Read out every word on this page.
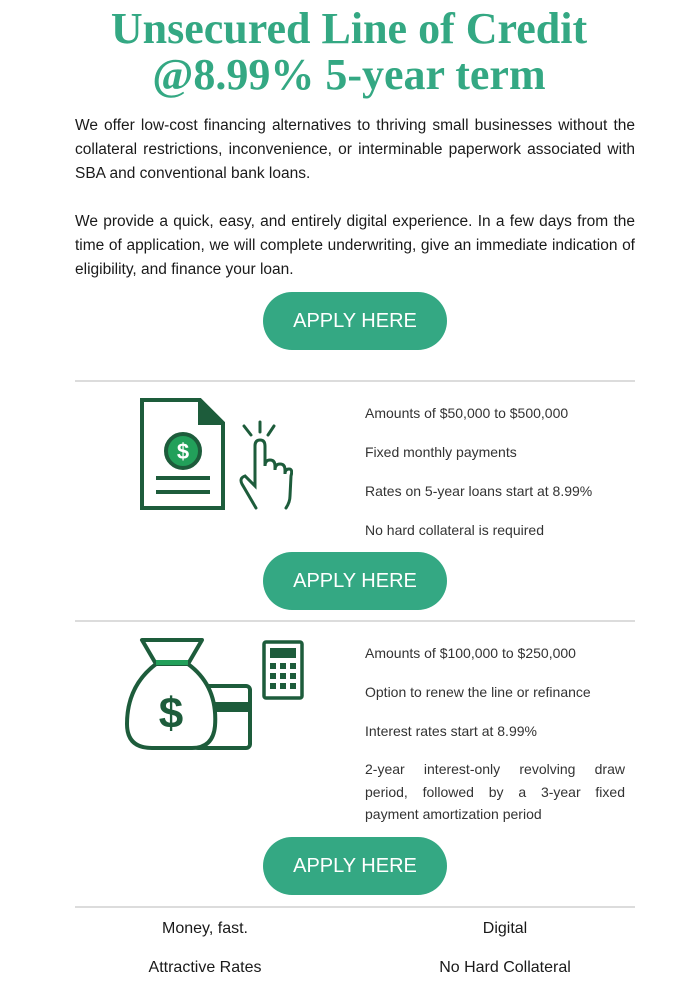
Unsecured Line of Credit
@8.99% 5-year term

We offer low-cost financing alternatives to thriving small businesses without the collateral restrictions, inconvenience, or interminable paperwork associated with SBA and conventional bank loans.

We provide a quick, easy, and entirely digital experience. In a few days from the time of application, we will complete underwriting, give an immediate indication of eligibility, and finance your loan.

APPLY HERE
$

Amounts of $50,000 to $500,000

Fixed monthly payments

Rates on 5-year loans start at 8.99%

No hard collateral is required

APPLY HERE
$

Amounts of $100,000 to $250,000

Option to renew the line or refinance

Interest rates start at 8.99%

2-year interest-only revolving draw period, followed by a 3-year fixed payment amortization period

APPLY HERE
Money, fast.	Digital
Attractive Rates	No Hard Collateral
